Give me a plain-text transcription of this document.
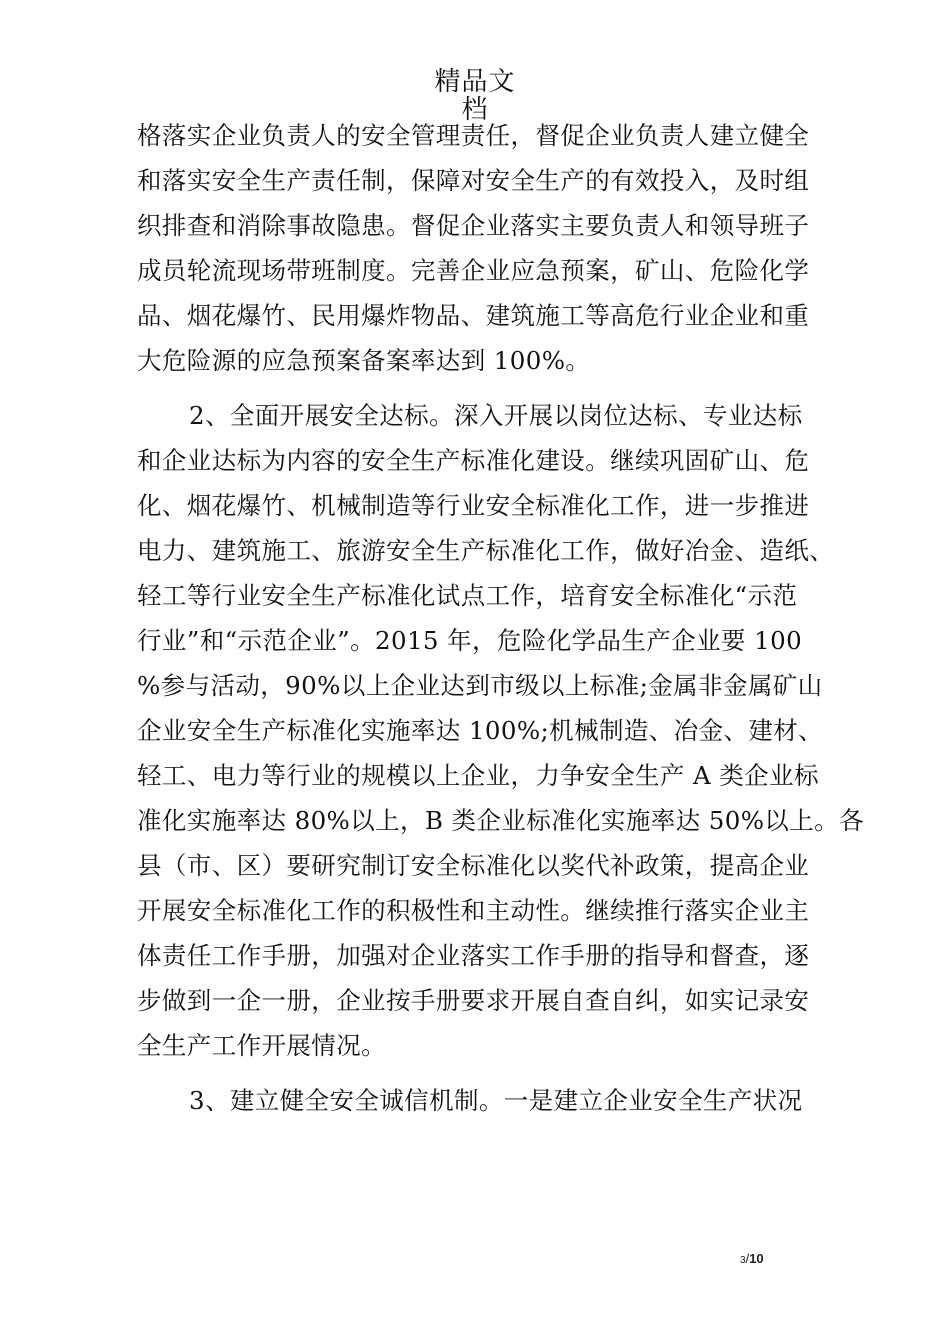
精品文
档
格落实企业负责人的安全管理责任，督促企业负责人建立健全
和落实安全生产责任制，保障对安全生产的有效投入，及时组
织排查和消除事故隐患。督促企业落实主要负责人和领导班子
成员轮流现场带班制度。完善企业应急预案，矿山、危险化学
品、烟花爆竹、民用爆炸物品、建筑施工等高危行业企业和重
大危险源的应急预案备案率达到 100%。
2、全面开展安全达标。深入开展以岗位达标、专业达标
和企业达标为内容的安全生产标准化建设。继续巩固矿山、危
化、烟花爆竹、机械制造等行业安全标准化工作，进一步推进
电力、建筑施工、旅游安全生产标准化工作，做好冶金、造纸、
轻工等行业安全生产标准化试点工作，培育安全标准化“示范
行业”和“示范企业”。2015 年，危险化学品生产企业要 100
%参与活动，90%以上企业达到市级以上标准;金属非金属矿山
企业安全生产标准化实施率达 100%;机械制造、冶金、建材、
轻工、电力等行业的规模以上企业，力争安全生产 A 类企业标
准化实施率达 80%以上，B 类企业标准化实施率达 50%以上。各
县（市、区）要研究制订安全标准化以奖代补政策，提高企业
开展安全标准化工作的积极性和主动性。继续推行落实企业主
体责任工作手册，加强对企业落实工作手册的指导和督查，逐
步做到一企一册，企业按手册要求开展自查自纠，如实记录安
全生产工作开展情况。
3、建立健全安全诚信机制。一是建立企业安全生产状况
3/10
